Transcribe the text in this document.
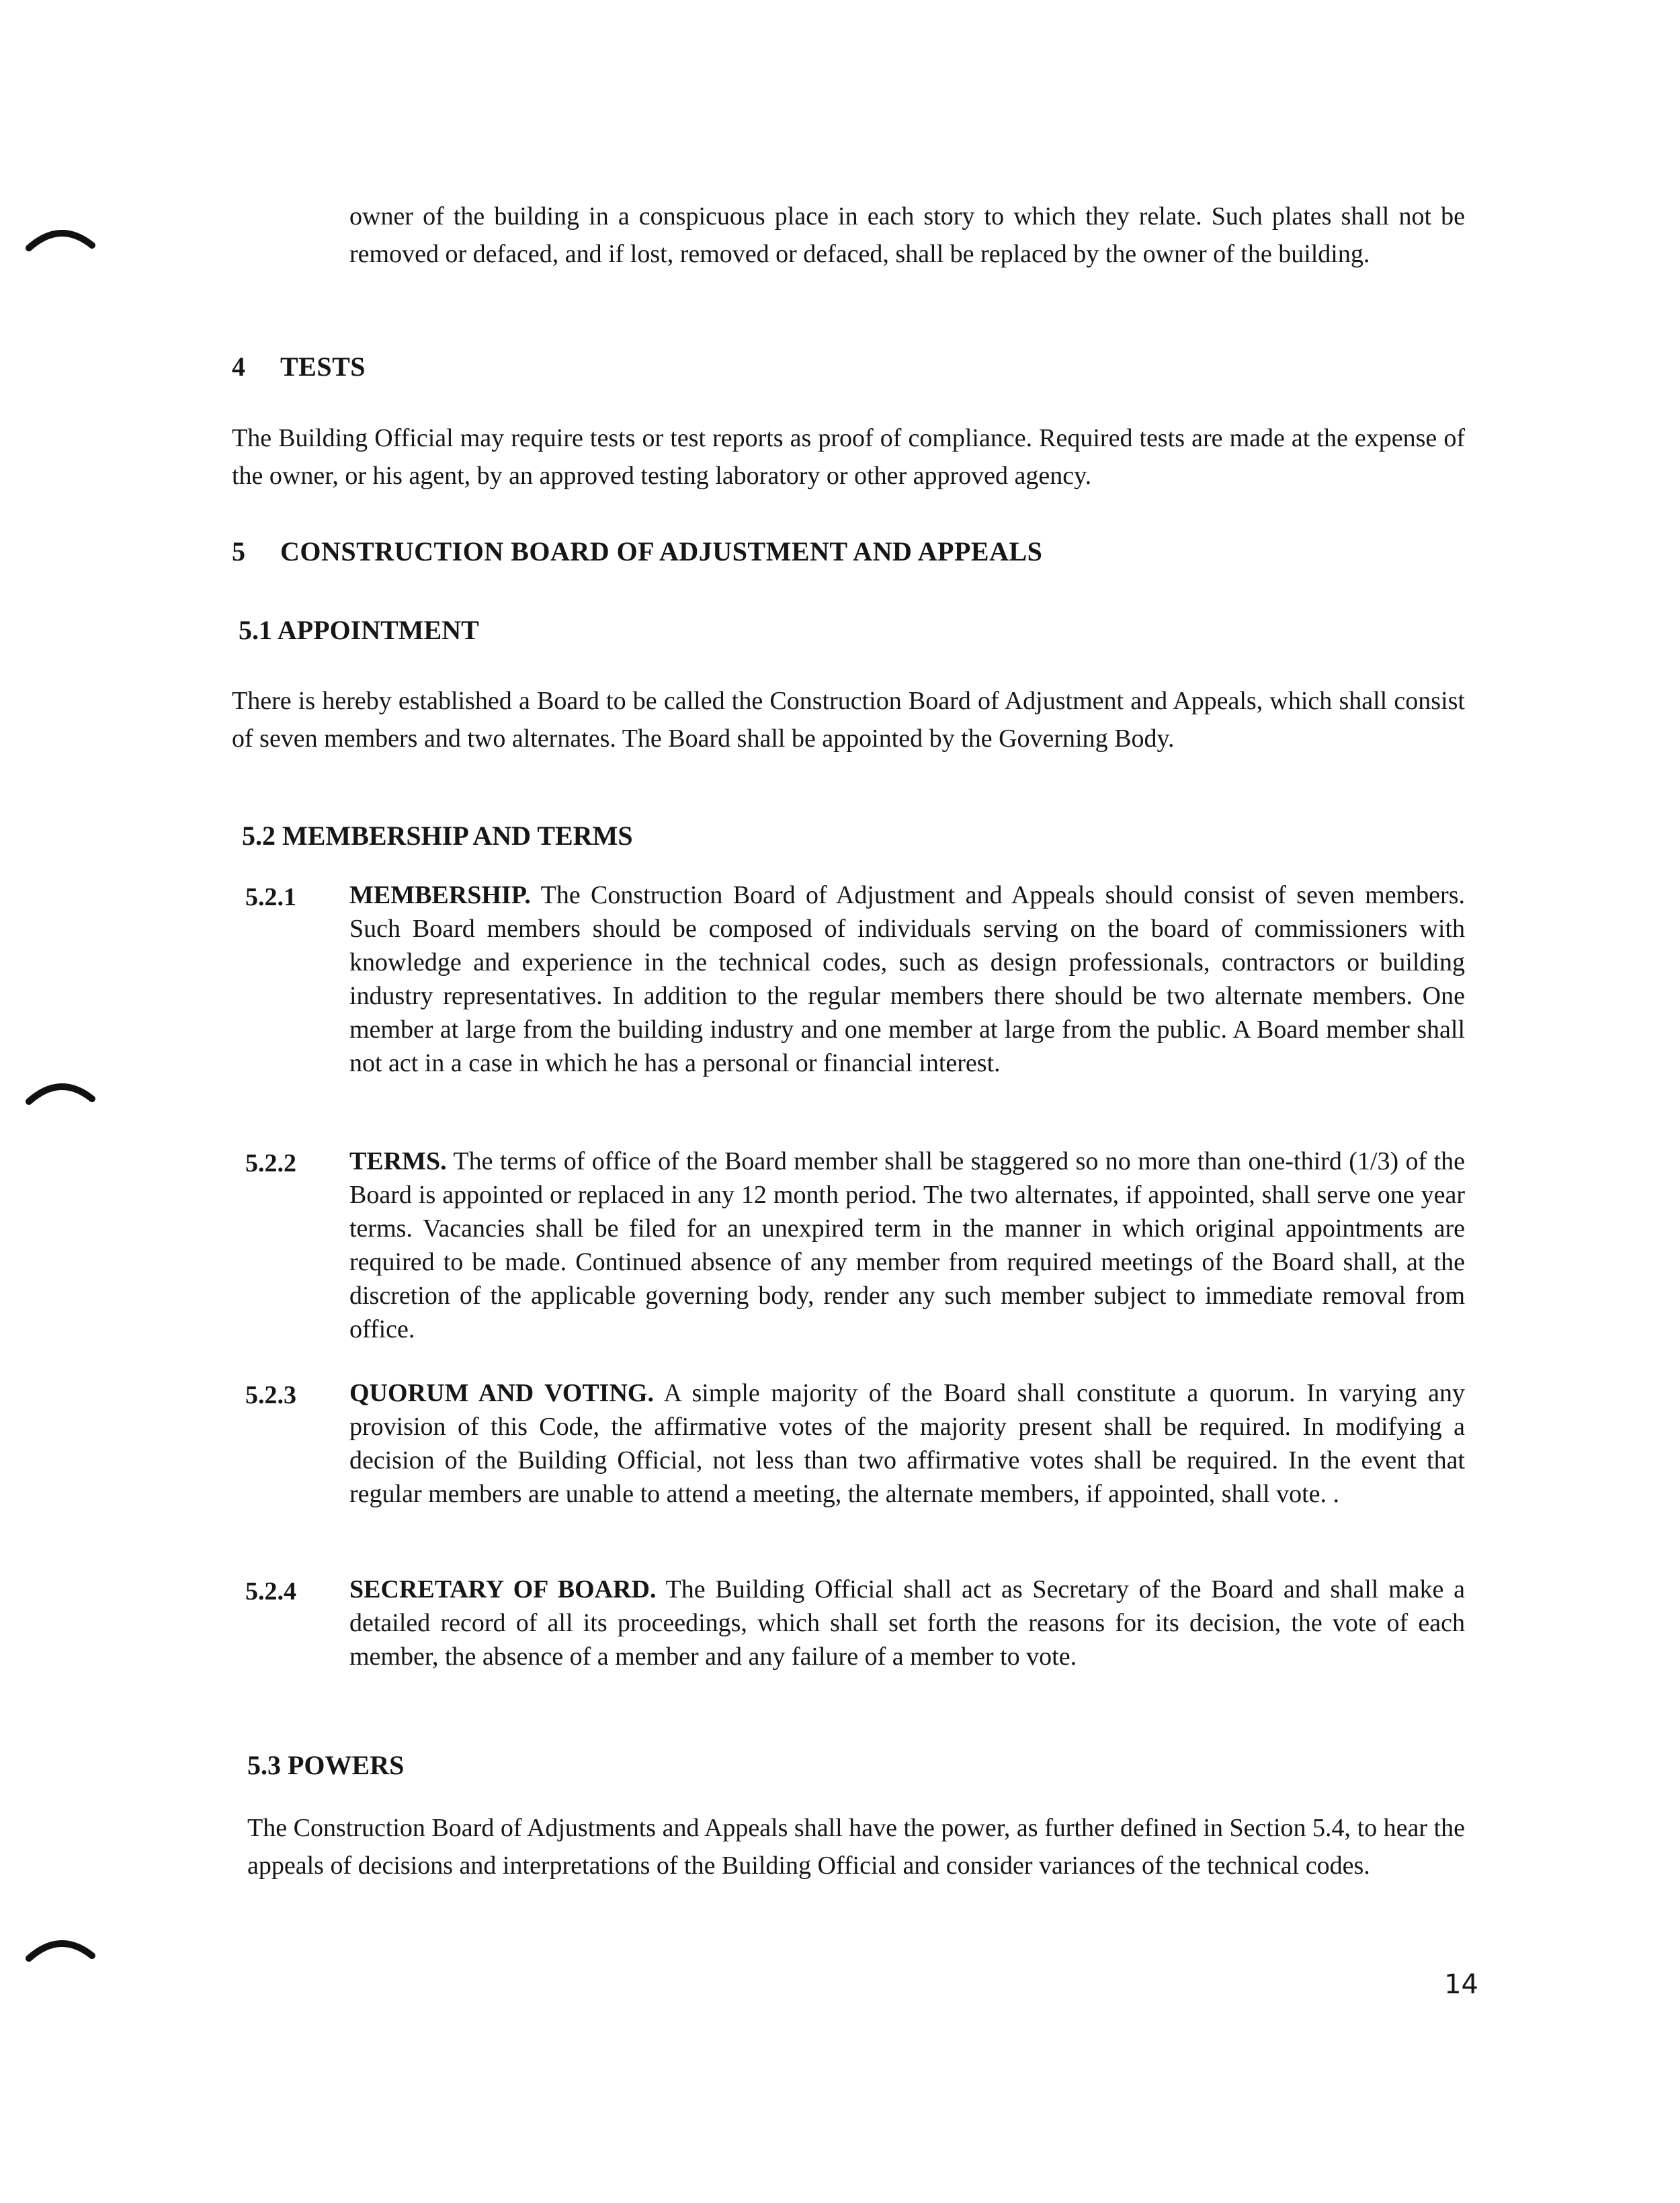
owner of the building in a conspicuous place in each story to which they relate. Such plates shall not be removed or defaced, and if lost, removed or defaced, shall be replaced by the owner of the building.

4 TESTS

The Building Official may require tests or test reports as proof of compliance. Required tests are made at the expense of the owner, or his agent, by an approved testing laboratory or other approved agency.

5 CONSTRUCTION BOARD OF ADJUSTMENT AND APPEALS
5.1 APPOINTMENT

There is hereby established a Board to be called the Construction Board of Adjustment and Appeals, which shall consist of seven members and two alternates. The Board shall be appointed by the Governing Body.

5.2 MEMBERSHIP AND TERMS
5.2.1 MEMBERSHIP. The Construction Board of Adjustment and Appeals should consist of seven members. Such Board members should be composed of individuals serving on the board of commissioners with knowledge and experience in the technical codes, such as design professionals, contractors or building industry representatives. In addition to the regular members there should be two alternate members. One member at large from the building industry and one member at large from the public. A Board member shall not act in a case in which he has a personal or financial interest.
5.2.2 TERMS. The terms of office of the Board member shall be staggered so no more than one-third (1/3) of the Board is appointed or replaced in any 12 month period. The two alternates, if appointed, shall serve one year terms. Vacancies shall be filed for an unexpired term in the manner in which original appointments are required to be made. Continued absence of any member from required meetings of the Board shall, at the discretion of the applicable governing body, render any such member subject to immediate removal from office.
5.2.3 QUORUM AND VOTING. A simple majority of the Board shall constitute a quorum. In varying any provision of this Code, the affirmative votes of the majority present shall be required. In modifying a decision of the Building Official, not less than two affirmative votes shall be required. In the event that regular members are unable to attend a meeting, the alternate members, if appointed, shall vote. .
5.2.4 SECRETARY OF BOARD. The Building Official shall act as Secretary of the Board and shall make a detailed record of all its proceedings, which shall set forth the reasons for its decision, the vote of each member, the absence of a member and any failure of a member to vote.
5.3 POWERS

The Construction Board of Adjustments and Appeals shall have the power, as further defined in Section 5.4, to hear the appeals of decisions and interpretations of the Building Official and consider variances of the technical codes.

14
